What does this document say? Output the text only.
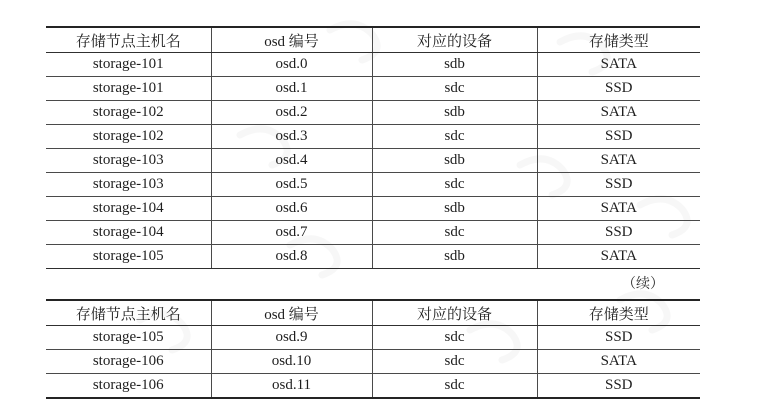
存储节点主机名	osd 编号	对应的设备	存储类型
storage-101	osd.0	sdb	SATA
storage-101	osd.1	sdc	SSD
storage-102	osd.2	sdb	SATA
storage-102	osd.3	sdc	SSD
storage-103	osd.4	sdb	SATA
storage-103	osd.5	sdc	SSD
storage-104	osd.6	sdb	SATA
storage-104	osd.7	sdc	SSD
storage-105	osd.8	sdb	SATA
（续）
存储节点主机名	osd 编号	对应的设备	存储类型
storage-105	osd.9	sdc	SSD
storage-106	osd.10	sdc	SATA
storage-106	osd.11	sdc	SSD
